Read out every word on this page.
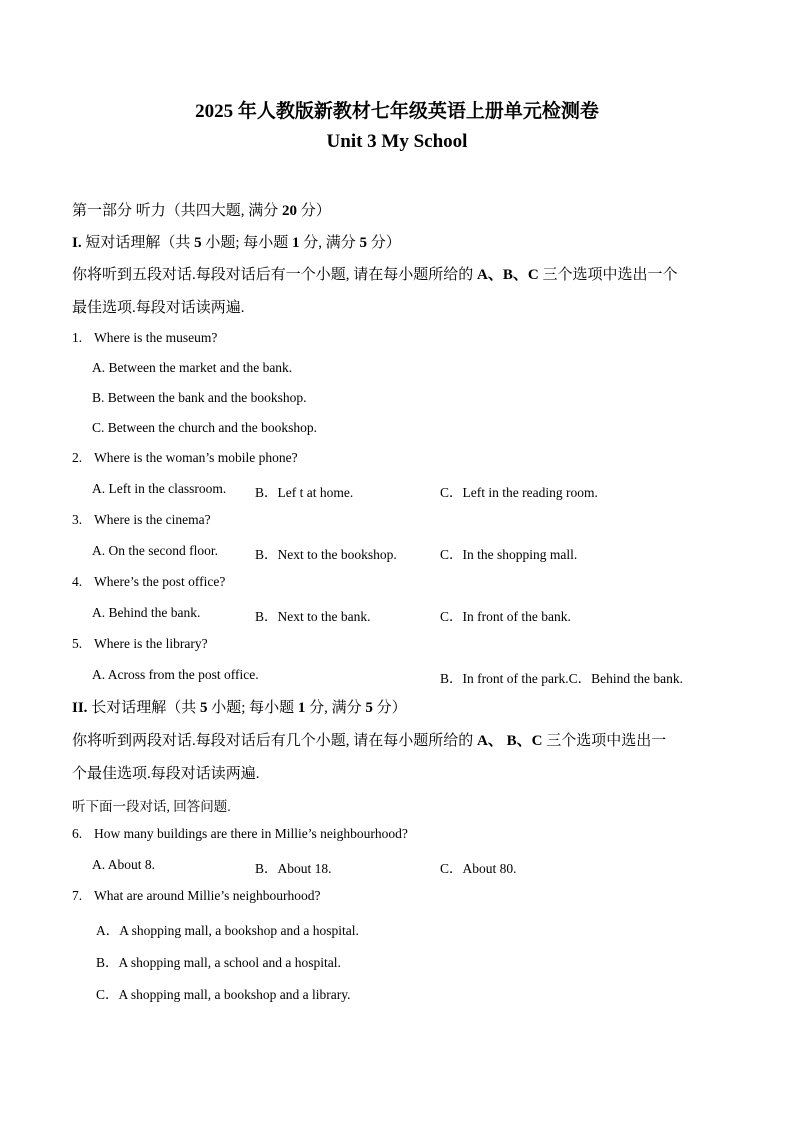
2025 年人教版新教材七年级英语上册单元检测卷
Unit 3 My School
第一部分 听力（共四大题, 满分 20 分）
I. 短对话理解（共 5 小题; 每小题 1 分, 满分 5 分）
你将听到五段对话.每段对话后有一个小题, 请在每小题所给的 A、B、C 三个选项中选出一个
最佳选项.每段对话读两遍.
1. Where is the museum?
A. Between the market and the bank.
B. Between the bank and the bookshop.
C. Between the church and the bookshop.
2. Where is the woman’s mobile phone?
A. Left in the classroom. B．Lef t at home.	C．Left in the reading room.
3. Where is the cinema?
A. On the second floor.	B．Next to the bookshop.	C．In the shopping mall.
4. Where’s the post office?
A. Behind the bank.	B．Next to the bank.	C．In front of the bank.
5. Where is the library?
A. Across from the post office.	B．In front of the park.C．Behind the bank.
II. 长对话理解（共 5 小题; 每小题 1 分, 满分 5 分）
你将听到两段对话.每段对话后有几个小题, 请在每小题所给的 A、 B、C 三个选项中选出一
个最佳选项.每段对话读两遍.
听下面一段对话, 回答问题.
6. How many buildings are there in Millie’s neighbourhood?
A. About 8.	B．About 18.	C．About 80.
7. What are around Millie’s neighbourhood?
A．A shopping mall, a bookshop and a hospital.
B．A shopping mall, a school and a hospital.
C．A shopping mall, a bookshop and a library.
